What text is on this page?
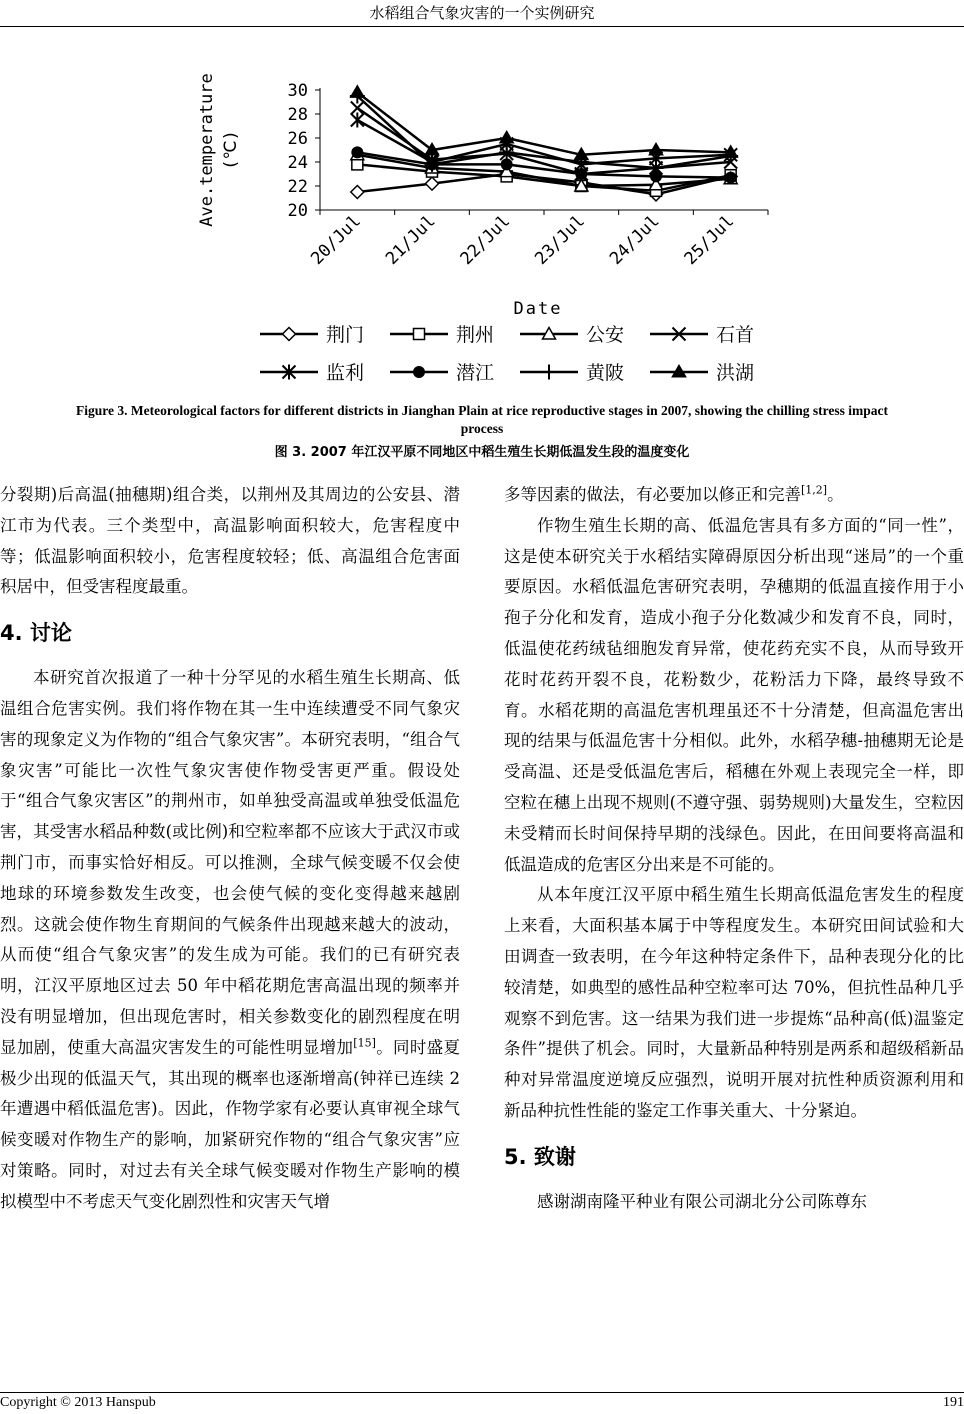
水稻组合气象灾害的一个实例研究
Ave.temperature (℃)
30
28
26
24
22
20
20/Jul 21/Jul 22/Jul 23/Jul 24/Jul 25/Jul
Date
荆门	荆州	公安	石首
监利	潜江	黄陂	洪湖
Figure 3. Meteorological factors for different districts in Jianghan Plain at rice reproductive stages in 2007, showing the chilling stress impact
process
图 3. 2007 年江汉平原不同地区中稻生殖生长期低温发生段的温度变化

分裂期)后高温(抽穗期)组合类，以荆州及其周边的公安县、潜江市为代表。三个类型中，高温影响面积较大，危害程度中等；低温影响面积较小，危害程度较轻；低、高温组合危害面积居中，但受害程度最重。

4. 讨论

本研究首次报道了一种十分罕见的水稻生殖生长期高、低温组合危害实例。我们将作物在其一生中连续遭受不同气象灾害的现象定义为作物的“组合气象灾害”。本研究表明，“组合气象灾害”可能比一次性气象灾害使作物受害更严重。假设处于“组合气象灾害区”的荆州市，如单独受高温或单独受低温危害，其受害水稻品种数(或比例)和空粒率都不应该大于武汉市或荆门市，而事实恰好相反。可以推测，全球气候变暖不仅会使地球的环境参数发生改变，也会使气候的变化变得越来越剧烈。这就会使作物生育期间的气候条件出现越来越大的波动，从而使“组合气象灾害”的发生成为可能。我们的已有研究表明，江汉平原地区过去 50 年中稻花期危害高温出现的频率并没有明显增加，但出现危害时，相关参数变化的剧烈程度在明显加剧，使重大高温灾害发生的可能性明显增加[15]。同时盛夏极少出现的低温天气，其出现的概率也逐渐增高(钟祥已连续 2 年遭遇中稻低温危害)。因此，作物学家有必要认真审视全球气候变暖对作物生产的影响，加紧研究作物的“组合气象灾害”应对策略。同时，对过去有关全球气候变暖对作物生产影响的模拟模型中不考虑天气变化剧烈性和灾害天气增

多等因素的做法，有必要加以修正和完善[1,2]。

作物生殖生长期的高、低温危害具有多方面的“同一性”，这是使本研究关于水稻结实障碍原因分析出现“迷局”的一个重要原因。水稻低温危害研究表明，孕穗期的低温直接作用于小孢子分化和发育，造成小孢子分化数减少和发育不良，同时，低温使花药绒毡细胞发育异常，使花药充实不良，从而导致开花时花药开裂不良，花粉数少，花粉活力下降，最终导致不育。水稻花期的高温危害机理虽还不十分清楚，但高温危害出现的结果与低温危害十分相似。此外，水稻孕穗-抽穗期无论是受高温、还是受低温危害后，稻穗在外观上表现完全一样，即空粒在穗上出现不规则(不遵守强、弱势规则)大量发生，空粒因未受精而长时间保持早期的浅绿色。因此，在田间要将高温和低温造成的危害区分出来是不可能的。

从本年度江汉平原中稻生殖生长期高低温危害发生的程度上来看，大面积基本属于中等程度发生。本研究田间试验和大田调查一致表明，在今年这种特定条件下，品种表现分化的比较清楚，如典型的感性品种空粒率可达 70%，但抗性品种几乎观察不到危害。这一结果为我们进一步提炼“品种高(低)温鉴定条件”提供了机会。同时，大量新品种特别是两系和超级稻新品种对异常温度逆境反应强烈，说明开展对抗性种质资源利用和新品种抗性性能的鉴定工作事关重大、十分紧迫。

5. 致谢

感谢湖南隆平种业有限公司湖北分公司陈尊东

Copyright © 2013 Hanspub	191
